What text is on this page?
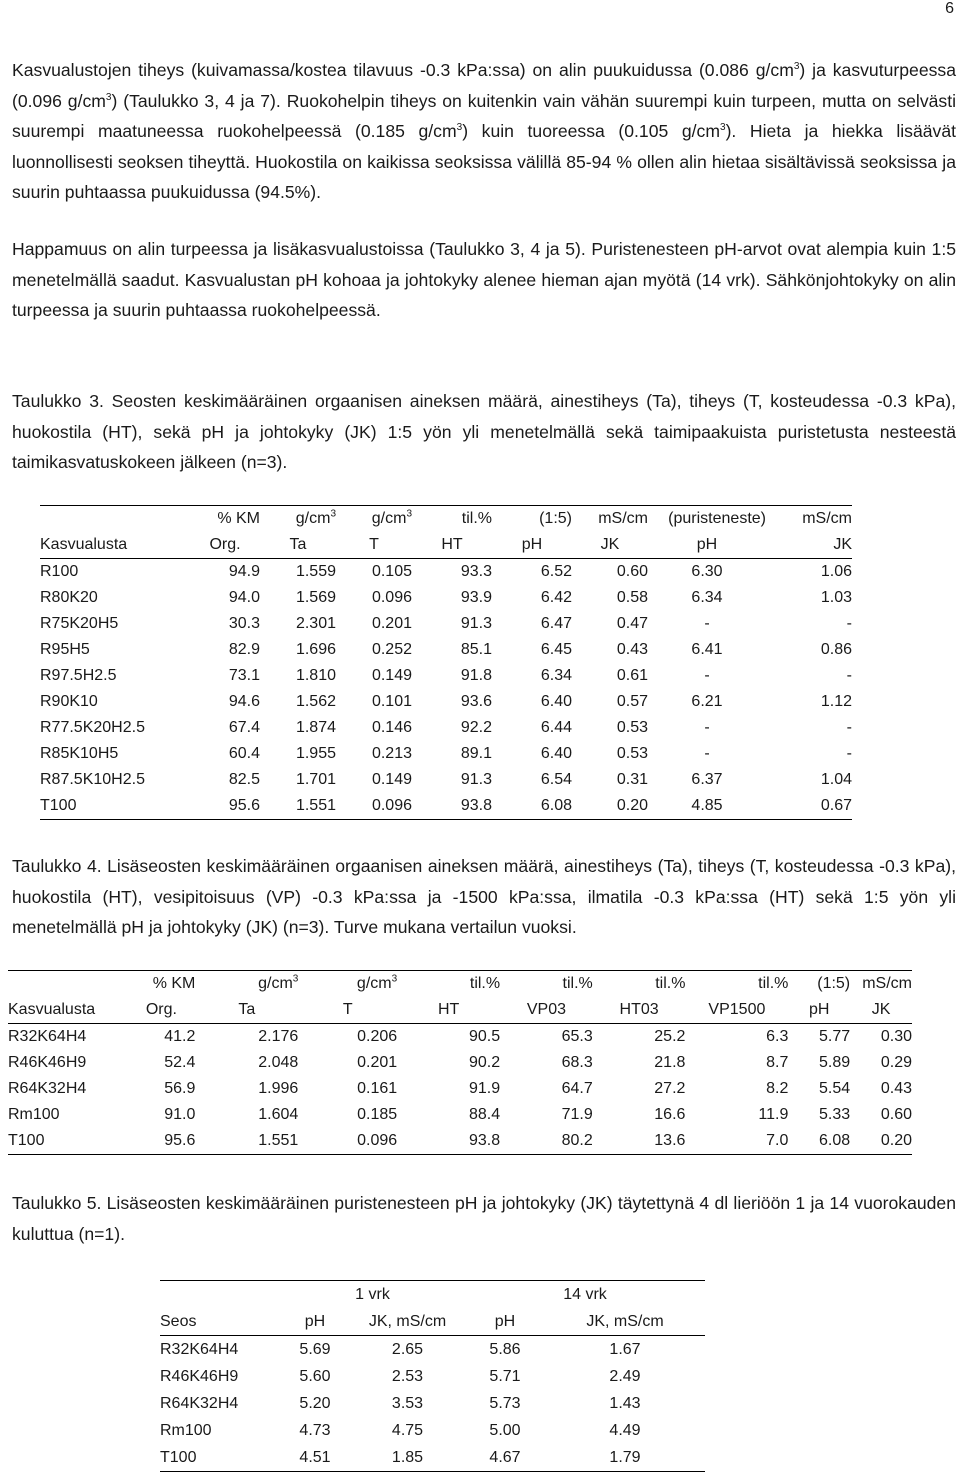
6

Kasvualustojen tiheys (kuivamassa/kostea tilavuus -0.3 kPa:ssa) on alin puukuidussa (0.086 $g/cm^3$) ja kasvuturpeessa (0.096 $g/cm^3$) (Taulukko 3, 4 ja 7). Ruokohelpin tiheys on kuitenkin vain vähän suurempi kuin turpeen, mutta on selvästi suurempi maatuneessa ruokohelpeessä (0.185 $g/cm^3$) kuin tuoreessa (0.105 $g/cm^3$). Hieta ja hiekka lisäävät luonnollisesti seoksen tiheyttä. Huokostila on kaikissa seoksissa välillä 85-94 % ollen alin hietaa sisältävissä seoksissa ja suurin puhtaassa puukuidussa (94.5%).

Happamuus on alin turpeessa ja lisäkasvualustoissa (Taulukko 3, 4 ja 5). Puristenesteen pH-arvot ovat alempia kuin 1:5 menetelmällä saadut. Kasvualustan pH kohoaa ja johtokyky alenee hieman ajan myötä (14 vrk). Sähkönjohtokyky on alin turpeessa ja suurin puhtaassa ruokohelpeessä.

Taulukko 3. Seosten keskimääräinen orgaanisen aineksen määrä, ainestiheys (Ta), tiheys (T, kosteudessa -0.3 kPa), huokostila (HT), sekä pH ja johtokyky (JK) 1:5 yön yli menetelmällä sekä taimipaakuista puristetusta nesteestä taimikasvatuskokeen jälkeen (n=3).

	% KM	$g/cm^3$	$g/cm^3$	til.%	(1:5)	mS/cm	(puristeneste)	mS/cm
Kasvualusta	Org.	Ta	T	HT	pH	JK	pH	JK
R100	94.9	1.559	0.105	93.3	6.52	0.60	6.30	1.06
R80K20	94.0	1.569	0.096	93.9	6.42	0.58	6.34	1.03
R75K20H5	30.3	2.301	0.201	91.3	6.47	0.47	-	-
R95H5	82.9	1.696	0.252	85.1	6.45	0.43	6.41	0.86
R97.5H2.5	73.1	1.810	0.149	91.8	6.34	0.61	-	-
R90K10	94.6	1.562	0.101	93.6	6.40	0.57	6.21	1.12
R77.5K20H2.5	67.4	1.874	0.146	92.2	6.44	0.53	-	-
R85K10H5	60.4	1.955	0.213	89.1	6.40	0.53	-	-
R87.5K10H2.5	82.5	1.701	0.149	91.3	6.54	0.31	6.37	1.04
T100	95.6	1.551	0.096	93.8	6.08	0.20	4.85	0.67

Taulukko 4. Lisäseosten keskimääräinen orgaanisen aineksen määrä, ainestiheys (Ta), tiheys (T, kosteudessa -0.3 kPa), huokostila (HT), vesipitoisuus (VP) -0.3 kPa:ssa ja -1500 kPa:ssa, ilmatila -0.3 kPa:ssa (HT) sekä 1:5 yön yli menetelmällä pH ja johtokyky (JK) (n=3). Turve mukana vertailun vuoksi.

	% KM	$g/cm^3$	$g/cm^3$	til.%	til.%	til.%	til.%	(1:5)	mS/cm
Kasvualusta	Org.	Ta	T	HT	VP03	HT03	VP1500	pH	JK
R32K64H4	41.2	2.176	0.206	90.5	65.3	25.2	6.3	5.77	0.30
R46K46H9	52.4	2.048	0.201	90.2	68.3	21.8	8.7	5.89	0.29
R64K32H4	56.9	1.996	0.161	91.9	64.7	27.2	8.2	5.54	0.43
Rm100	91.0	1.604	0.185	88.4	71.9	16.6	11.9	5.33	0.60
T100	95.6	1.551	0.096	93.8	80.2	13.6	7.0	6.08	0.20

Taulukko 5. Lisäseosten keskimääräinen puristenesteen pH ja johtokyky (JK) täytettynä 4 dl lieriöön 1 ja 14 vuorokauden kuluttua (n=1).

	1 vrk		14 vrk	
Seos	pH	JK, mS/cm	pH	JK, mS/cm
R32K64H4	5.69	2.65	5.86	1.67
R46K46H9	5.60	2.53	5.71	2.49
R64K32H4	5.20	3.53	5.73	1.43
Rm100	4.73	4.75	5.00	4.49
T100	4.51	1.85	4.67	1.79
